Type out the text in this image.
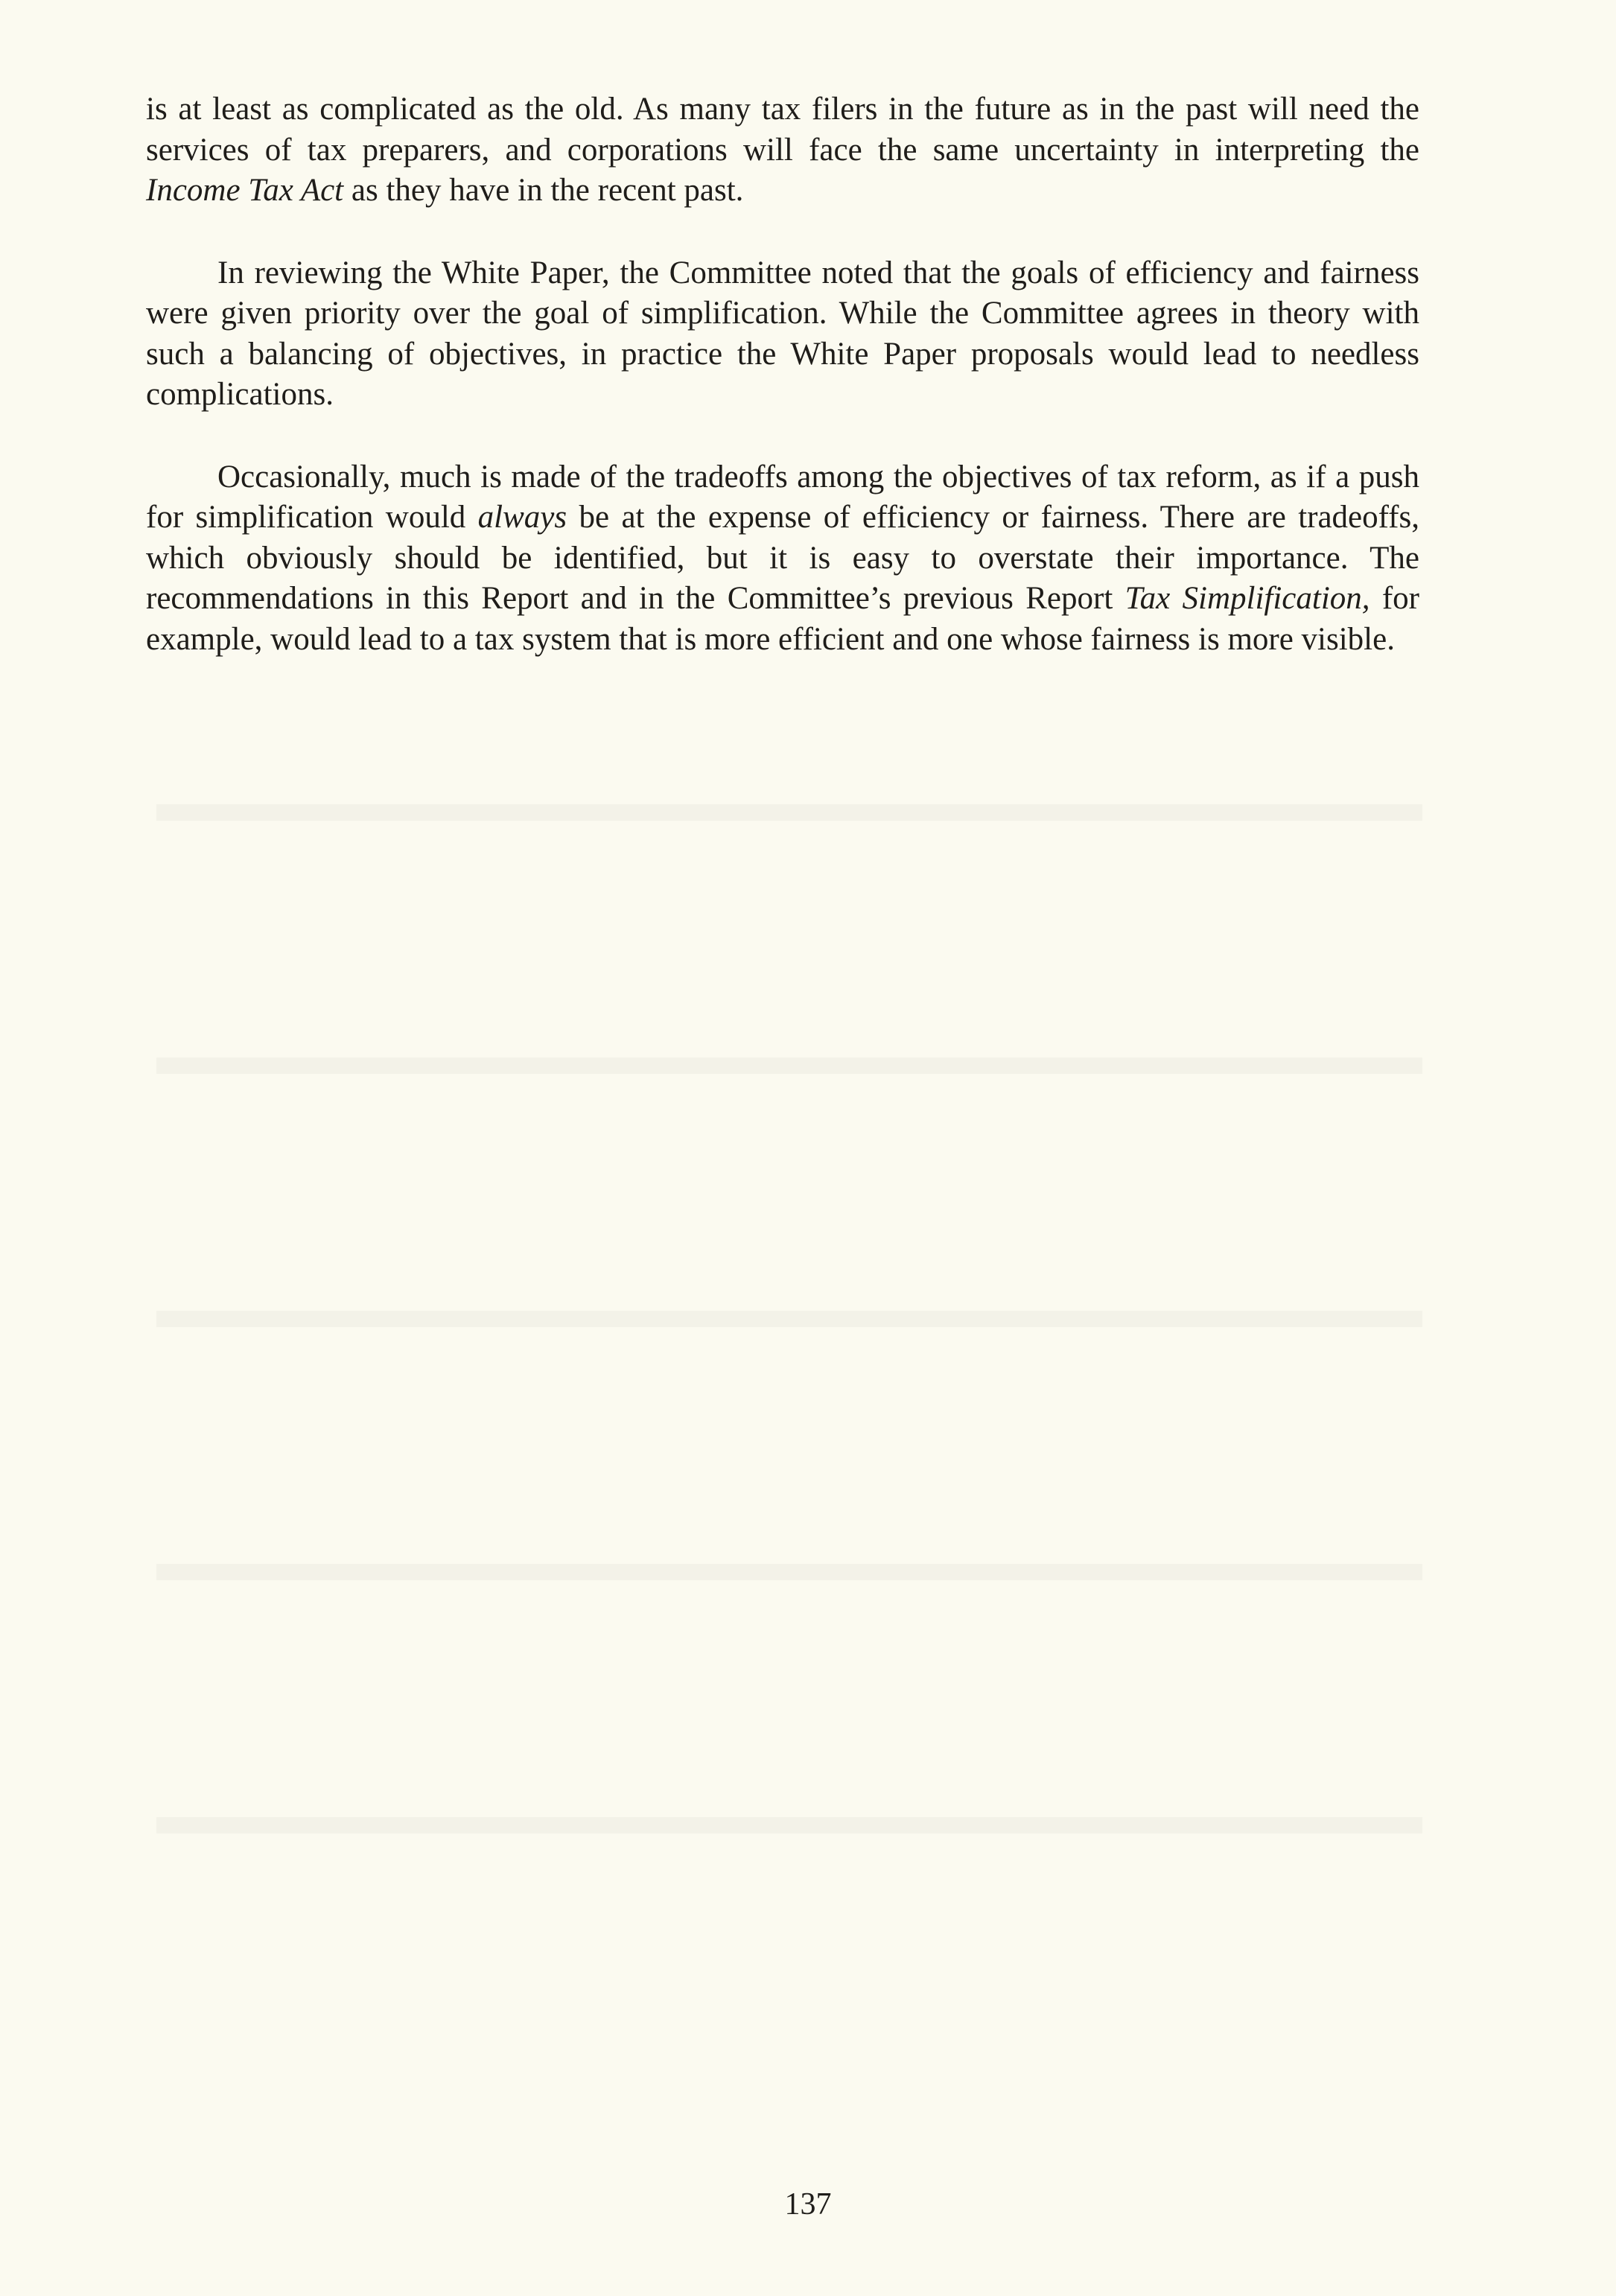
is at least as complicated as the old. As many tax filers in the future as in the past will need the services of tax preparers, and corporations will face the same uncertainty in interpreting the Income Tax Act as they have in the recent past.

In reviewing the White Paper, the Committee noted that the goals of efficiency and fairness were given priority over the goal of simplification. While the Committee agrees in theory with such a balancing of objectives, in practice the White Paper proposals would lead to needless complications.

Occasionally, much is made of the tradeoffs among the objectives of tax reform, as if a push for simplification would always be at the expense of efficiency or fairness. There are tradeoffs, which obviously should be identified, but it is easy to overstate their importance. The recommendations in this Report and in the Committee’s previous Report Tax Simplification, for example, would lead to a tax system that is more efficient and one whose fairness is more visible.

137
